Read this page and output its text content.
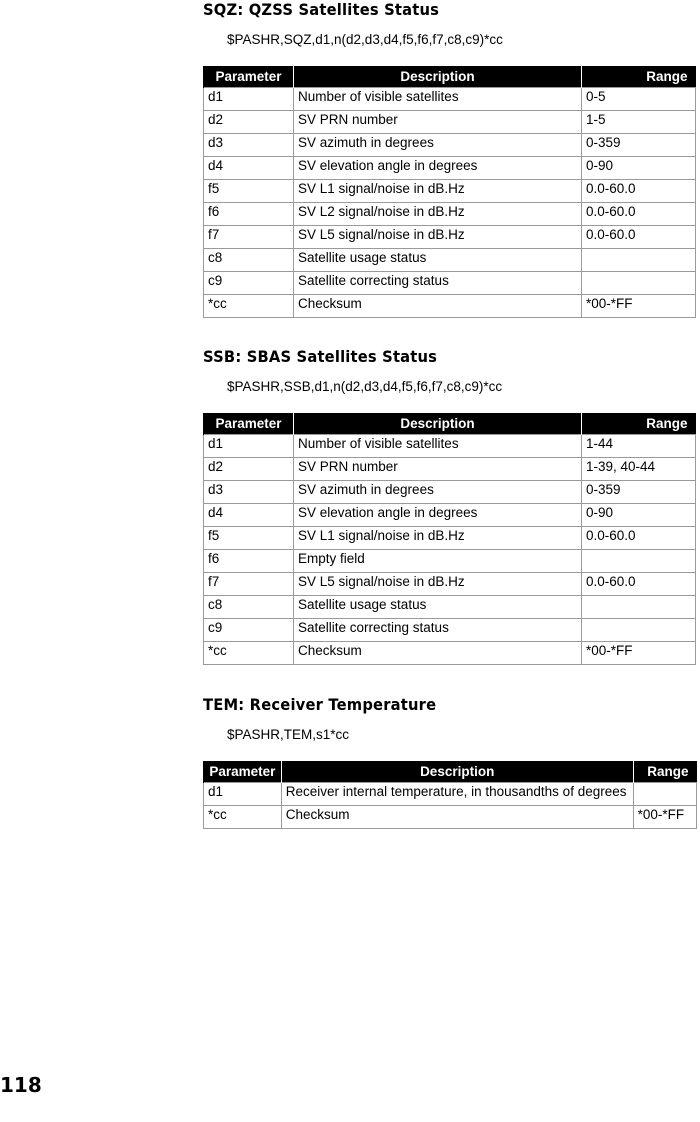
SQZ: QZSS Satellites Status
$PASHR,SQZ,d1,n(d2,d3,d4,f5,f6,f7,c8,c9)*cc
Parameter	Description	Range
d1	Number of visible satellites	0-5
d2	SV PRN number	1-5
d3	SV azimuth in degrees	0-359
d4	SV elevation angle in degrees	0-90
f5	SV L1 signal/noise in dB.Hz	0.0-60.0
f6	SV L2 signal/noise in dB.Hz	0.0-60.0
f7	SV L5 signal/noise in dB.Hz	0.0-60.0
c8	Satellite usage status	
c9	Satellite correcting status	
*cc	Checksum	*00-*FF
SSB: SBAS Satellites Status
$PASHR,SSB,d1,n(d2,d3,d4,f5,f6,f7,c8,c9)*cc
Parameter	Description	Range
d1	Number of visible satellites	1-44
d2	SV PRN number	1-39, 40-44
d3	SV azimuth in degrees	0-359
d4	SV elevation angle in degrees	0-90
f5	SV L1 signal/noise in dB.Hz	0.0-60.0
f6	Empty field	
f7	SV L5 signal/noise in dB.Hz	0.0-60.0
c8	Satellite usage status	
c9	Satellite correcting status	
*cc	Checksum	*00-*FF
TEM: Receiver Temperature
$PASHR,TEM,s1*cc
Parameter	Description	Range
d1	Receiver internal temperature, in thousandths of degrees	
*cc	Checksum	*00-*FF
118
